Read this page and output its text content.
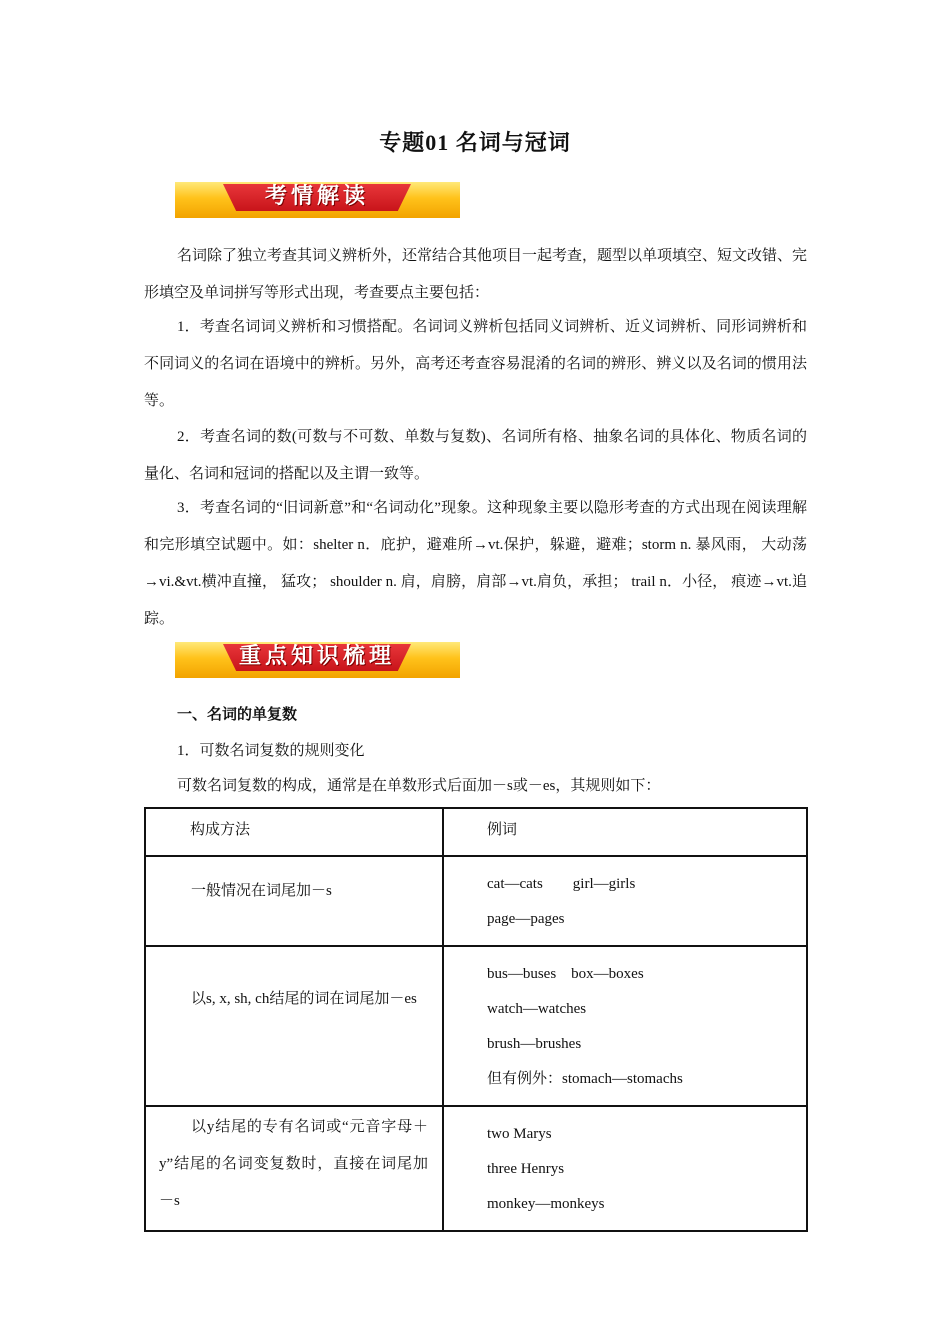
专题01 名词与冠词
考情解读

名词除了独立考查其词义辨析外，还常结合其他项目一起考查，题型以单项填空、短文改错、完形填空及单词拼写等形式出现，考查要点主要包括：

1．考查名词词义辨析和习惯搭配。名词词义辨析包括同义词辨析、近义词辨析、同形词辨析和不同词义的名词在语境中的辨析。另外，高考还考查容易混淆的名词的辨形、辨义以及名词的惯用法等。

2．考查名词的数(可数与不可数、单数与复数)、名词所有格、抽象名词的具体化、物质名词的量化、名词和冠词的搭配以及主谓一致等。

3．考查名词的“旧词新意”和“名词动化”现象。这种现象主要以隐形考查的方式出现在阅读理解和完形填空试题中。如：shelter n．庇护，避难所→vt.保护，躲避，避难；storm n. 暴风雨， 大动荡→vi.&vt.横冲直撞， 猛攻； shoulder n. 肩，肩膀，肩部→vt.肩负，承担； trail n．小径， 痕迹→vt.追踪。

重点知识梳理
一、名词的单复数
1．可数名词复数的规则变化
可数名词复数的构成，通常是在单数形式后面加－s或－es，其规则如下：
构成方法	例词

一般情况在词尾加－s	cat—cats        girl—girls
page—pages

以s, x, sh, ch结尾的词在词尾加－es	bus—buses    box—boxes
watch—watches
brush—brushes
但有例外：stomach—stomachs

以y结尾的专有名词或“元音字母＋y”结尾的名词变复数时，直接在词尾加－s	two Marys
three Henrys
monkey—monkeys
